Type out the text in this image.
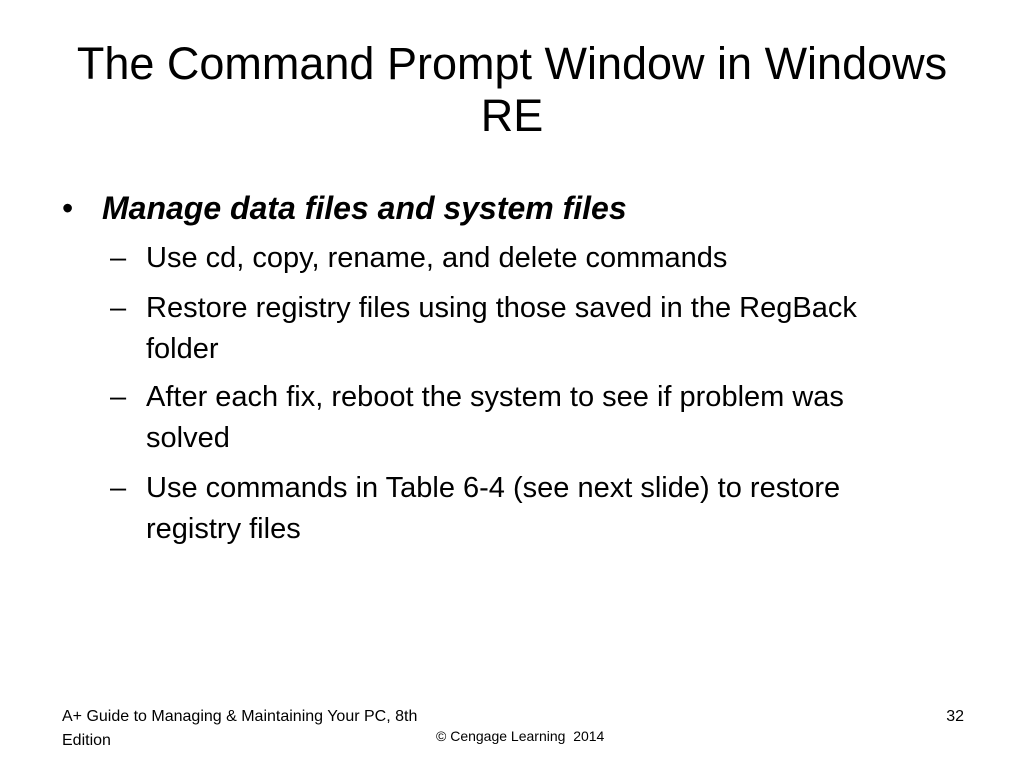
The Command Prompt Window in Windows RE
• Manage data files and system files
– Use cd, copy, rename, and delete commands
– Restore registry files using those saved in the RegBack folder
– After each fix, reboot the system to see if problem was solved
– Use commands in Table 6-4 (see next slide) to restore registry files
A+ Guide to Managing & Maintaining Your PC, 8th Edition	© Cengage Learning  2014
32
